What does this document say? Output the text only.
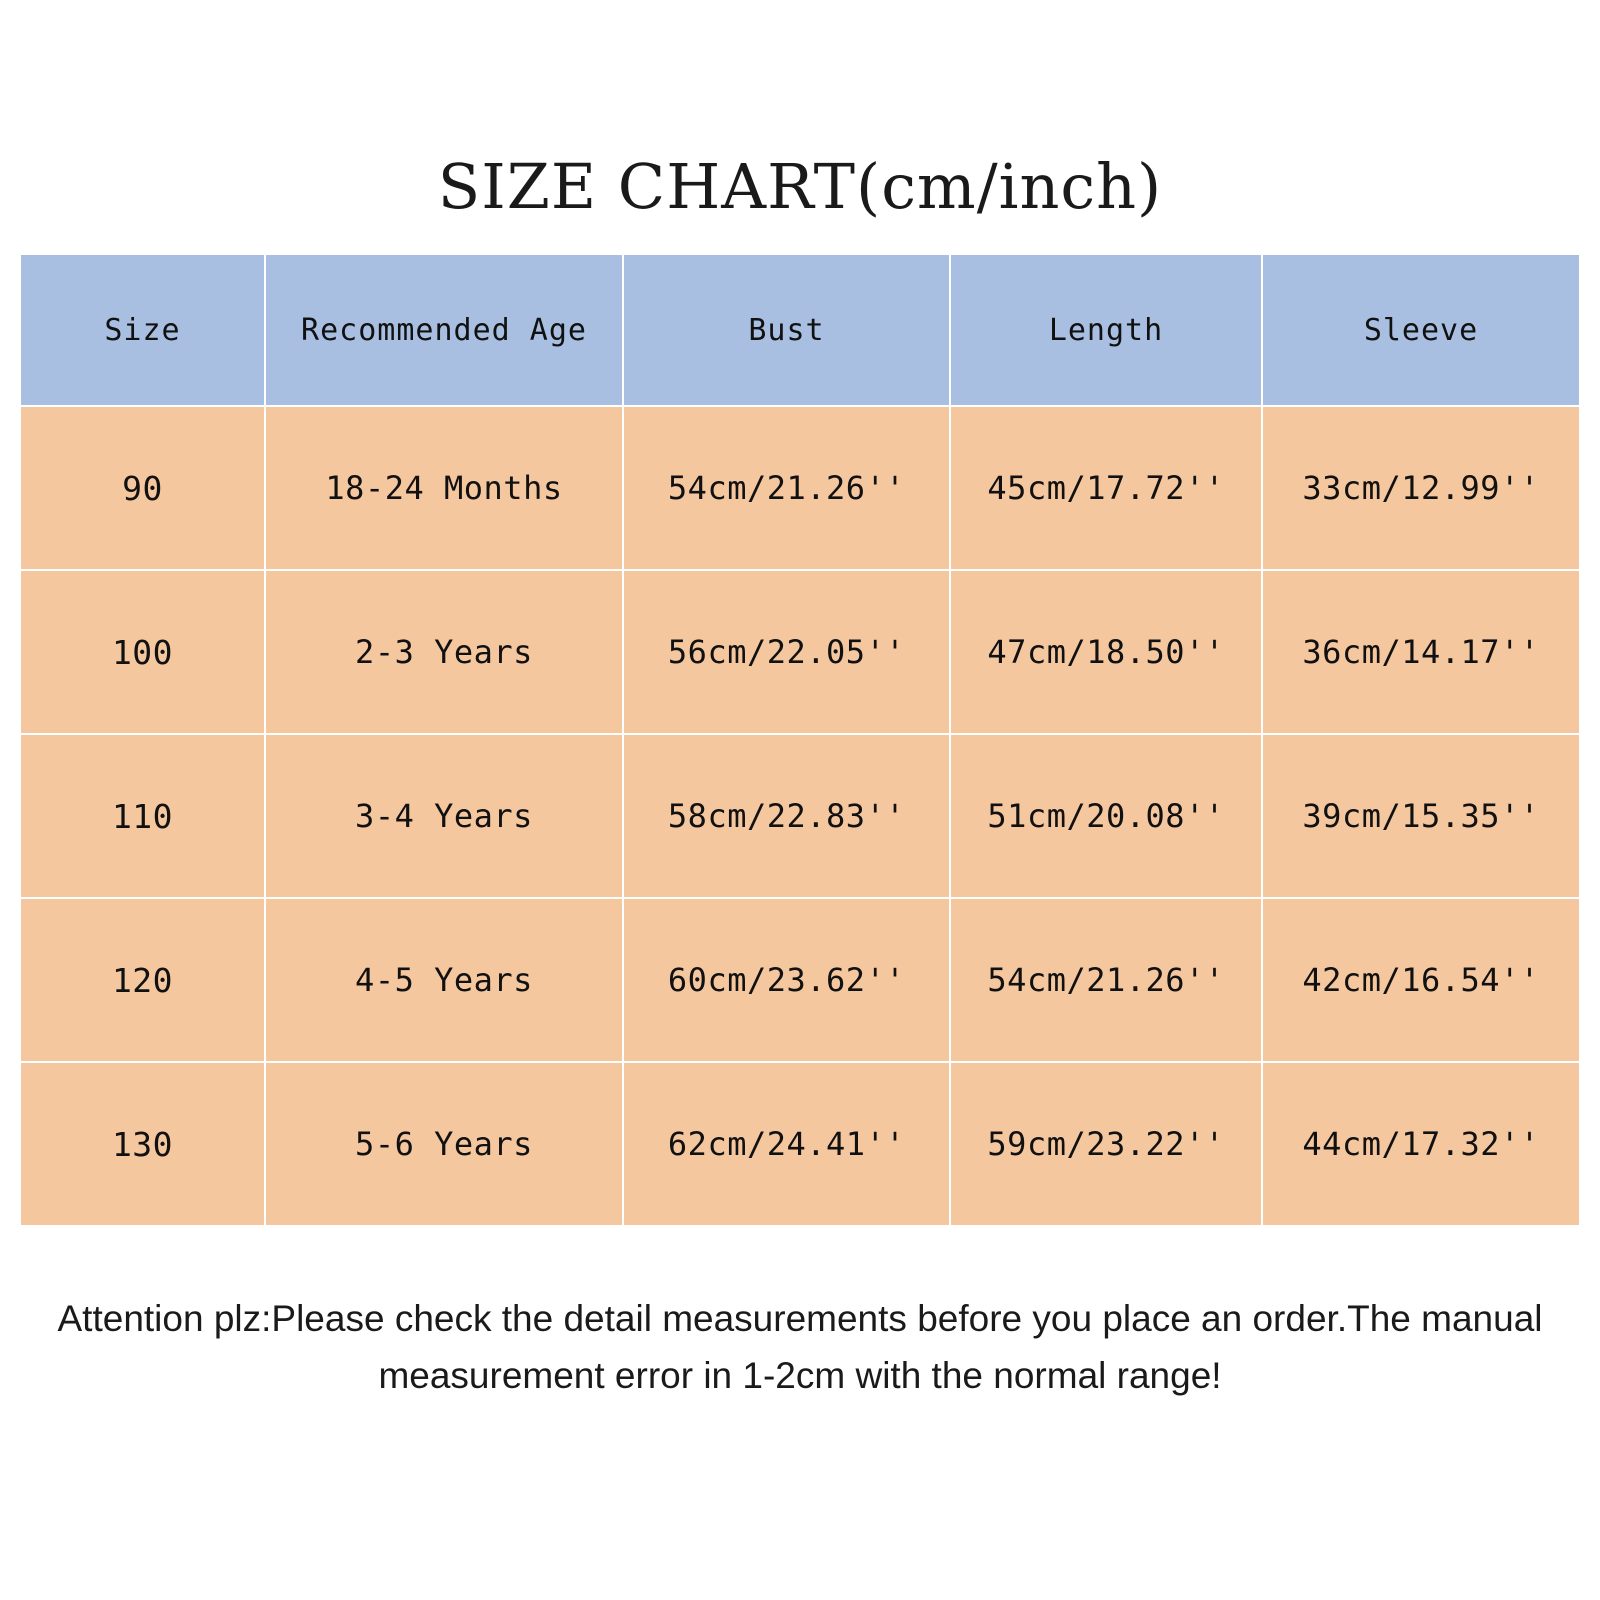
SIZE CHART(cm/inch)
Size	Recommended Age	Bust	Length	Sleeve
90	18-24 Months	54cm/21.26''	45cm/17.72''	33cm/12.99''
100	2-3 Years	56cm/22.05''	47cm/18.50''	36cm/14.17''
110	3-4 Years	58cm/22.83''	51cm/20.08''	39cm/15.35''
120	4-5 Years	60cm/23.62''	54cm/21.26''	42cm/16.54''
130	5-6 Years	62cm/24.41''	59cm/23.22''	44cm/17.32''
Attention plz:Please check the detail measurements before you place an order.The manual measurement error in 1-2cm with the normal range!
